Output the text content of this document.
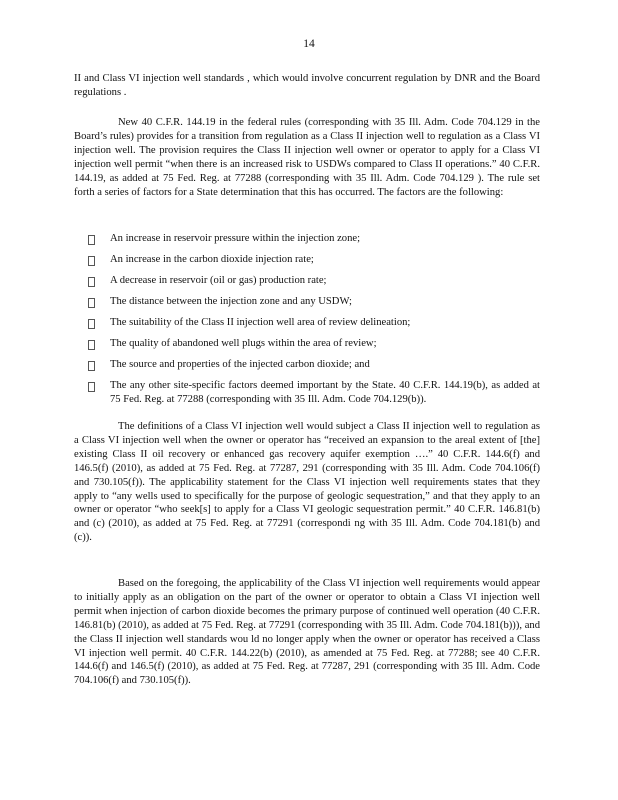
14

II and Class VI injection well standards , which would involve concurrent regulation by DNR and the Board regulations .

New 40 C.F.R. 144.19 in the federal rules (corresponding with 35 Ill. Adm. Code 704.129 in the Board’s rules) provides for a transition from regulation as a Class II injection well to regulation as a Class VI injection well. The provision requires the Class II injection well owner or operator to apply for a Class VI injection well permit “when there is an increased risk to USDWs compared to Class II operations.” 40 C.F.R. 144.19, as added at 75 Fed. Reg. at 77288 (corresponding with 35 Ill. Adm. Code 704.129 ). The rule set forth a series of factors for a State determination that this has occurred. The factors are the following:

An increase in reservoir pressure within the injection zone;
An increase in the carbon dioxide injection rate;
A decrease in reservoir (oil or gas) production rate;
The distance between the injection zone and any USDW;
The suitability of the Class II injection well area of review delineation;
The quality of abandoned well plugs within the area of review;
The source and properties of the injected carbon dioxide; and
The any other site-specific factors deemed important by the State. 40 C.F.R. 144.19(b), as added at 75 Fed. Reg. at 77288 (corresponding with 35 Ill. Adm. Code 704.129(b)).

The definitions of a Class VI injection well would subject a Class II injection well to regulation as a Class VI injection well when the owner or operator has “received an expansion to the areal extent of [the] existing Class II oil recovery or enhanced gas recovery aquifer exemption ….” 40 C.F.R. 144.6(f) and 146.5(f) (2010), as added at 75 Fed. Reg. at 77287, 291 (corresponding with 35 Ill. Adm. Code 704.106(f) and 730.105(f)). The applicability statement for the Class VI injection well requirements states that they apply to “any wells used to specifically for the purpose of geologic sequestration,” and that they apply to an owner or operator “who seek[s] to apply for a Class VI geologic sequestration permit.” 40 C.F.R. 146.81(b) and (c) (2010), as added at 75 Fed. Reg. at 77291 (correspondi ng with 35 Ill. Adm. Code 704.181(b) and (c)).

Based on the foregoing, the applicability of the Class VI injection well requirements would appear to initially apply as an obligation on the part of the owner or operator to obtain a Class VI injection well permit when injection of carbon dioxide becomes the primary purpose of continued well operation (40 C.F.R. 146.81(b) (2010), as added at 75 Fed. Reg. at 77291 (corresponding with 35 Ill. Adm. Code 704.181(b))), and the Class II injection well standards wou ld no longer apply when the owner or operator has received a Class VI injection well permit. 40 C.F.R. 144.22(b) (2010), as amended at 75 Fed. Reg. at 77288; see 40 C.F.R. 144.6(f) and 146.5(f) (2010), as added at 75 Fed. Reg. at 77287, 291 (corresponding with 35 Ill. Adm. Code 704.106(f) and 730.105(f)).
